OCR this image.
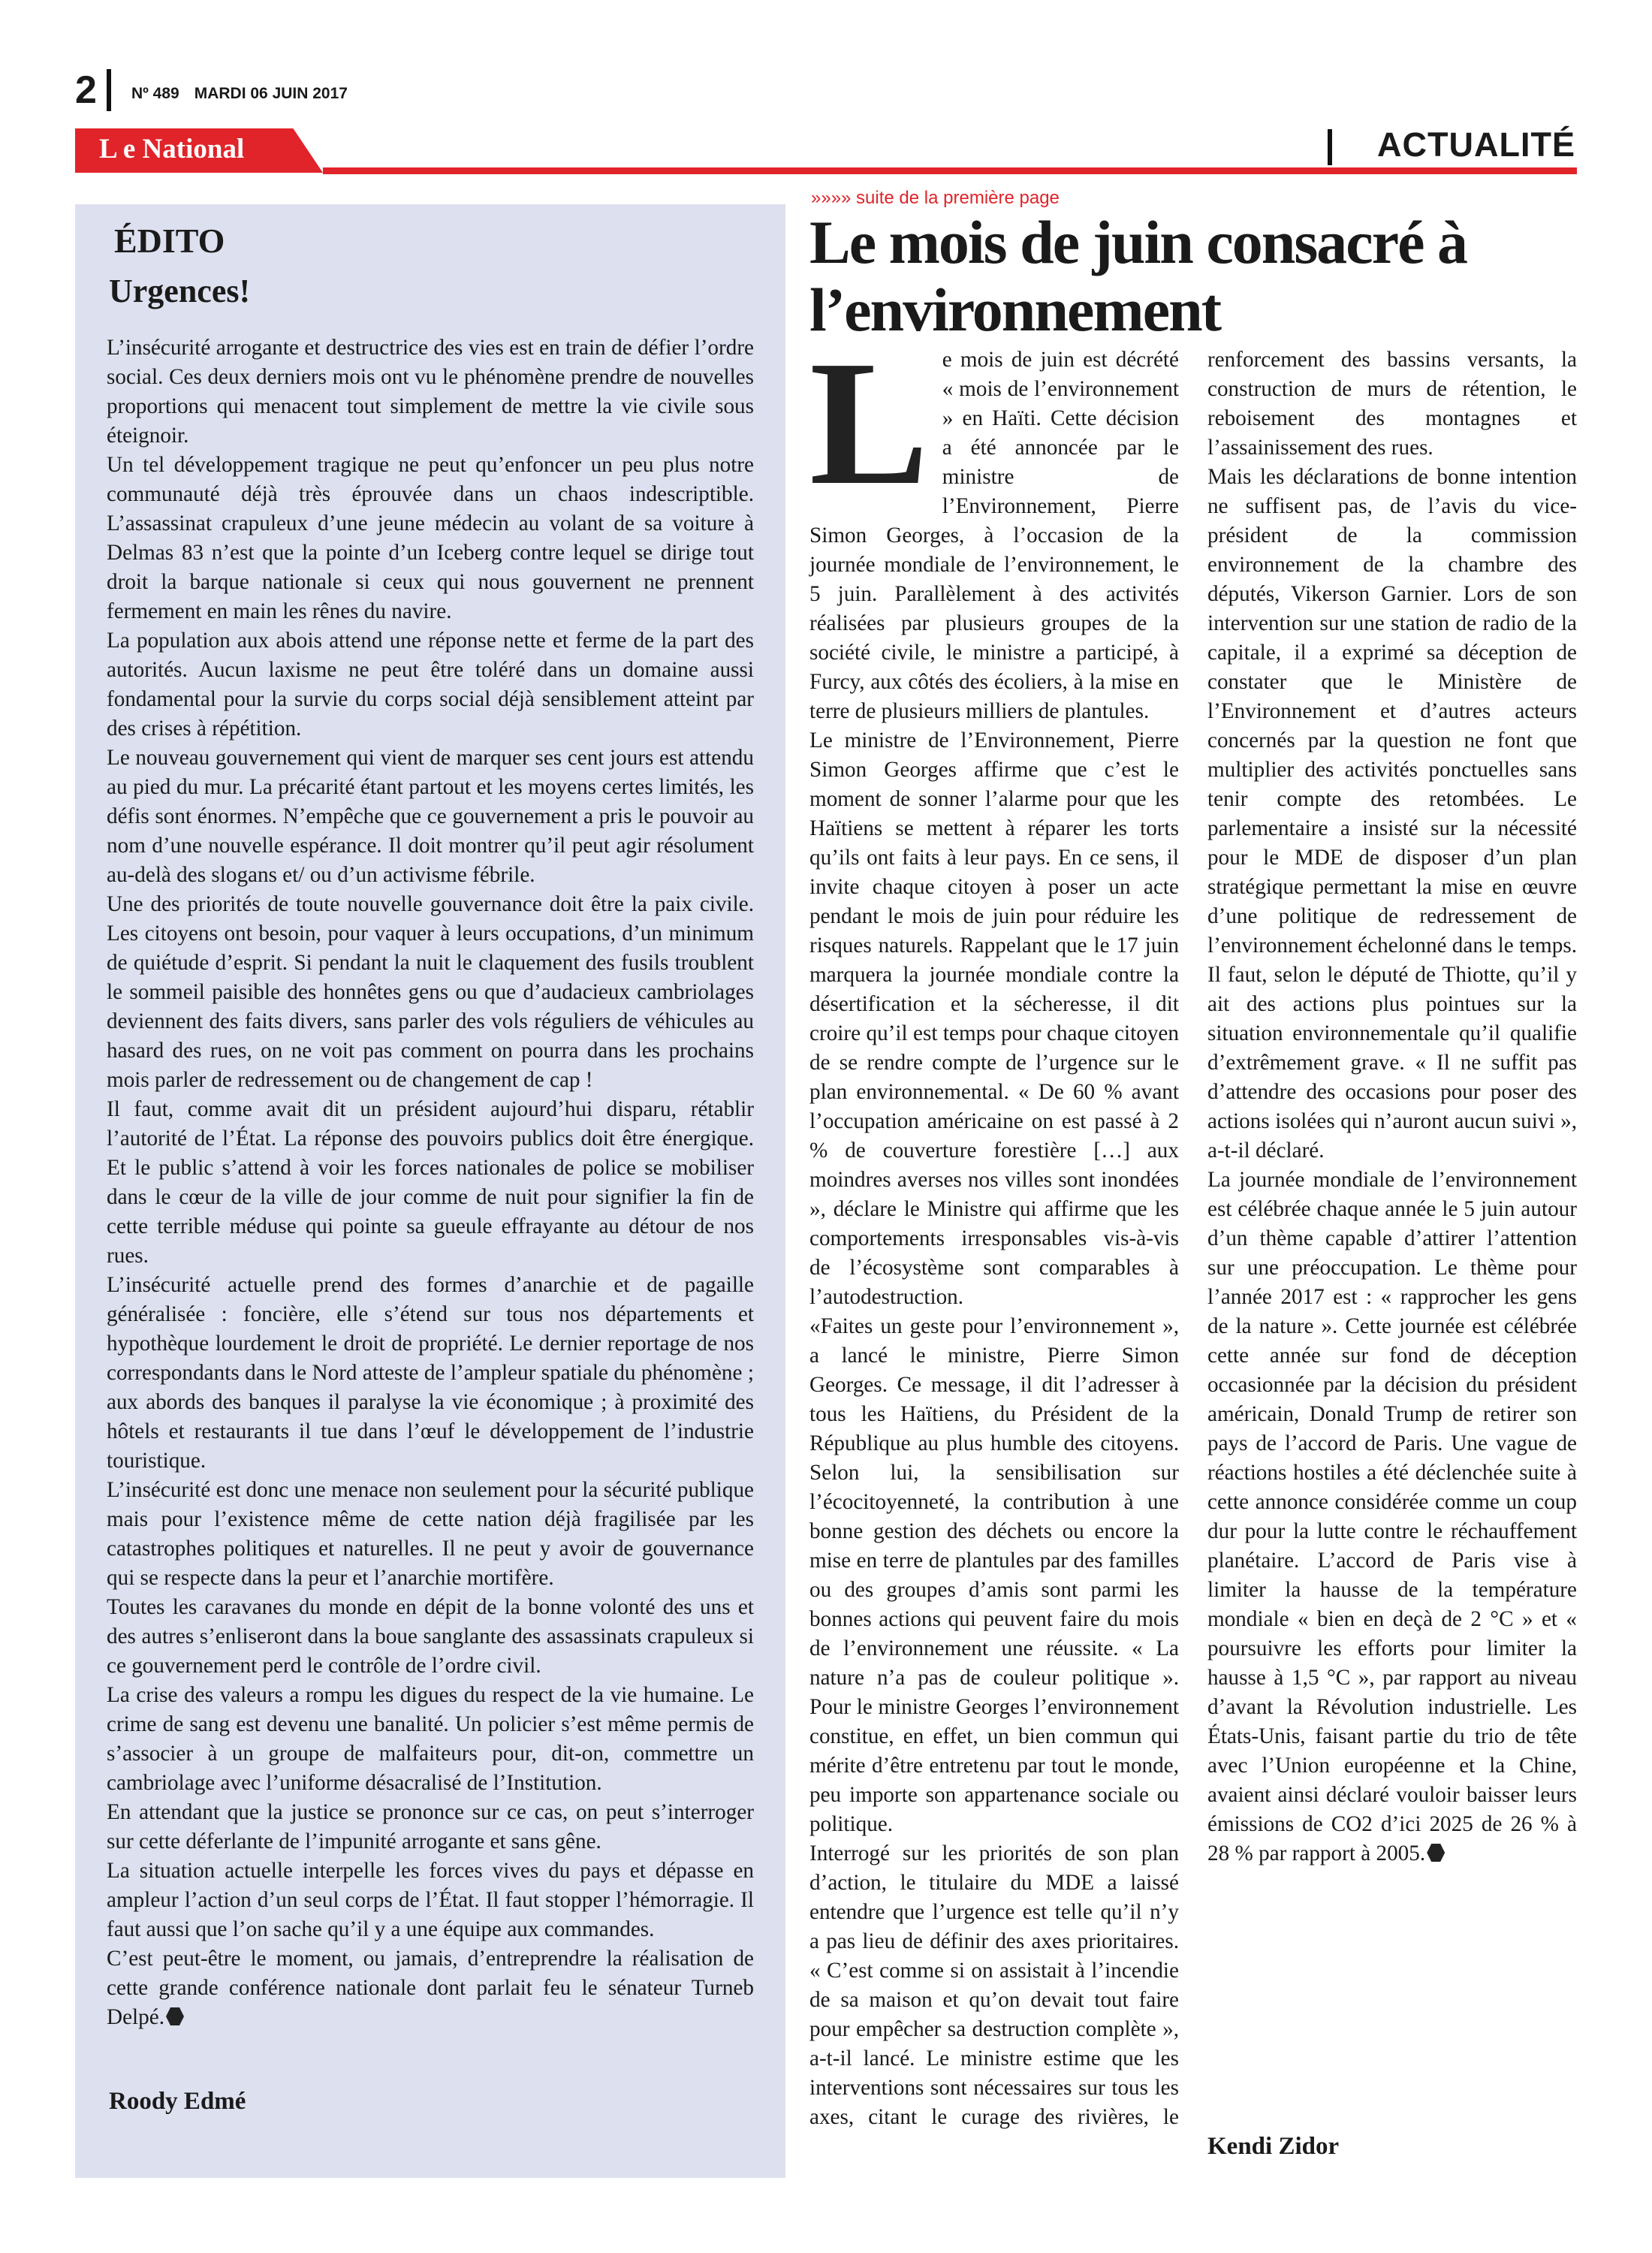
2 Nº 489 MARDI 06 JUIN 2017
L e National	ACTUALITÉ
ÉDITO
Urgences!

L’insécurité arrogante et destructrice des vies est en train de défier l’ordre social. Ces deux derniers mois ont vu le phénomène prendre de nouvelles proportions qui menacent tout simplement de mettre la vie civile sous éteignoir.

Un tel développement tragique ne peut qu’enfoncer un peu plus notre communauté déjà très éprouvée dans un chaos indescriptible. L’assassinat crapuleux d’une jeune médecin au volant de sa voiture à Delmas 83 n’est que la pointe d’un Iceberg contre lequel se dirige tout droit la barque nationale si ceux qui nous gouvernent ne prennent fermement en main les rênes du navire.

La population aux abois attend une réponse nette et ferme de la part des autorités. Aucun laxisme ne peut être toléré dans un domaine aussi fondamental pour la survie du corps social déjà sensiblement atteint par des crises à répétition.

Le nouveau gouvernement qui vient de marquer ses cent jours est attendu au pied du mur. La précarité étant partout et les moyens certes limités, les défis sont énormes. N’empêche que ce gouvernement a pris le pouvoir au nom d’une nouvelle espérance. Il doit montrer qu’il peut agir résolument au-delà des slogans et/ ou d’un activisme fébrile.

Une des priorités de toute nouvelle gouvernance doit être la paix civile. Les citoyens ont besoin, pour vaquer à leurs occupations, d’un minimum de quiétude d’esprit. Si pendant la nuit le claquement des fusils troublent le sommeil paisible des honnêtes gens ou que d’audacieux cambriolages deviennent des faits divers, sans parler des vols réguliers de véhicules au hasard des rues, on ne voit pas comment on pourra dans les prochains mois parler de redressement ou de changement de cap !

Il faut, comme avait dit un président aujourd’hui disparu, rétablir l’autorité de l’État. La réponse des pouvoirs publics doit être énergique. Et le public s’attend à voir les forces nationales de police se mobiliser dans le cœur de la ville de jour comme de nuit pour signifier la fin de cette terrible méduse qui pointe sa gueule effrayante au détour de nos rues.

L’insécurité actuelle prend des formes d’anarchie et de pagaille généralisée : foncière, elle s’étend sur tous nos départements et hypothèque lourdement le droit de propriété. Le dernier reportage de nos correspondants dans le Nord atteste de l’ampleur spatiale du phénomène ; aux abords des banques il paralyse la vie économique ; à proximité des hôtels et restaurants il tue dans l’œuf le développement de l’industrie touristique.

L’insécurité est donc une menace non seulement pour la sécurité publique mais pour l’existence même de cette nation déjà fragilisée par les catastrophes politiques et naturelles. Il ne peut y avoir de gouvernance qui se respecte dans la peur et l’anarchie mortifère.

Toutes les caravanes du monde en dépit de la bonne volonté des uns et des autres s’enliseront dans la boue sanglante des assassinats crapuleux si ce gouvernement perd le contrôle de l’ordre civil.

La crise des valeurs a rompu les digues du respect de la vie humaine. Le crime de sang est devenu une banalité. Un policier s’est même permis de s’associer à un groupe de malfaiteurs pour, dit-on, commettre un cambriolage avec l’uniforme désacralisé de l’Institution.

En attendant que la justice se prononce sur ce cas, on peut s’interroger sur cette déferlante de l’impunité arrogante et sans gêne.

La situation actuelle interpelle les forces vives du pays et dépasse en ampleur l’action d’un seul corps de l’État. Il faut stopper l’hémorragie. Il faut aussi que l’on sache qu’il y a une équipe aux commandes.

C’est peut-être le moment, ou jamais, d’entreprendre la réalisation de cette grande conférence nationale dont parlait feu le sénateur Turneb Delpé.

Roody Edmé
»»»» suite de la première page
Le mois de juin consacré à l’environnement

Le mois de juin est décrété « mois de l’environnement » en Haïti. Cette décision a été annoncée par le ministre de l’Environnement, Pierre Simon Georges, à l’occasion de la journée mondiale de l’environnement, le 5 juin. Parallèlement à des activités réalisées par plusieurs groupes de la société civile, le ministre a participé, à Furcy, aux côtés des écoliers, à la mise en terre de plusieurs milliers de plantules.

Le ministre de l’Environnement, Pierre Simon Georges affirme que c’est le moment de sonner l’alarme pour que les Haïtiens se mettent à réparer les torts qu’ils ont faits à leur pays. En ce sens, il invite chaque citoyen à poser un acte pendant le mois de juin pour réduire les risques naturels. Rappelant que le 17 juin marquera la journée mondiale contre la désertification et la sécheresse, il dit croire qu’il est temps pour chaque citoyen de se rendre compte de l’urgence sur le plan environnemental. « De 60 % avant l’occupation américaine on est passé à 2 % de couverture forestière […] aux moindres averses nos villes sont inondées », déclare le Ministre qui affirme que les comportements irresponsables vis-à-vis de l’écosystème sont comparables à l’autodestruction.

«Faites un geste pour l’environnement », a lancé le ministre, Pierre Simon Georges. Ce message, il dit l’adresser à tous les Haïtiens, du Président de la République au plus humble des citoyens. Selon lui, la sensibilisation sur l’écocitoyenneté, la contribution à une bonne gestion des déchets ou encore la mise en terre de plantules par des familles ou des groupes d’amis sont parmi les bonnes actions qui peuvent faire du mois de l’environnement une réussite. « La nature n’a pas de couleur politique ». Pour le ministre Georges l’environnement constitue, en effet, un bien commun qui mérite d’être entretenu par tout le monde, peu importe son appartenance sociale ou politique.

Interrogé sur les priorités de son plan d’action, le titulaire du MDE a laissé entendre que l’urgence est telle qu’il n’y a pas lieu de définir des axes prioritaires. « C’est comme si on assistait à l’incendie de sa maison et qu’on devait tout faire pour empêcher sa destruction complète », a-t-il lancé. Le ministre estime que les interventions sont nécessaires sur tous les axes, citant le curage des rivières, le renforcement des bassins versants, la construction de murs de rétention, le reboisement des montagnes et l’assainissement des rues.

Mais les déclarations de bonne intention ne suffisent pas, de l’avis du vice-président de la commission environnement de la chambre des députés, Vikerson Garnier. Lors de son intervention sur une station de radio de la capitale, il a exprimé sa déception de constater que le Ministère de l’Environnement et d’autres acteurs concernés par la question ne font que multiplier des activités ponctuelles sans tenir compte des retombées. Le parlementaire a insisté sur la nécessité pour le MDE de disposer d’un plan stratégique permettant la mise en œuvre d’une politique de redressement de l’environnement échelonné dans le temps. Il faut, selon le député de Thiotte, qu’il y ait des actions plus pointues sur la situation environnementale qu’il qualifie d’extrêmement grave. « Il ne suffit pas d’attendre des occasions pour poser des actions isolées qui n’auront aucun suivi », a-t-il déclaré.

La journée mondiale de l’environnement est célébrée chaque année le 5 juin autour d’un thème capable d’attirer l’attention sur une préoccupation. Le thème pour l’année 2017 est : « rapprocher les gens de la nature ». Cette journée est célébrée cette année sur fond de déception occasionnée par la décision du président américain, Donald Trump de retirer son pays de l’accord de Paris. Une vague de réactions hostiles a été déclenchée suite à cette annonce considérée comme un coup dur pour la lutte contre le réchauffement planétaire. L’accord de Paris vise à limiter la hausse de la température mondiale « bien en deçà de 2 °C » et « poursuivre les efforts pour limiter la hausse à 1,5 °C », par rapport au niveau d’avant la Révolution industrielle. Les États-Unis, faisant partie du trio de tête avec l’Union européenne et la Chine, avaient ainsi déclaré vouloir baisser leurs émissions de CO2 d’ici 2025 de 26 % à 28 % par rapport à 2005.

Kendi Zidor
